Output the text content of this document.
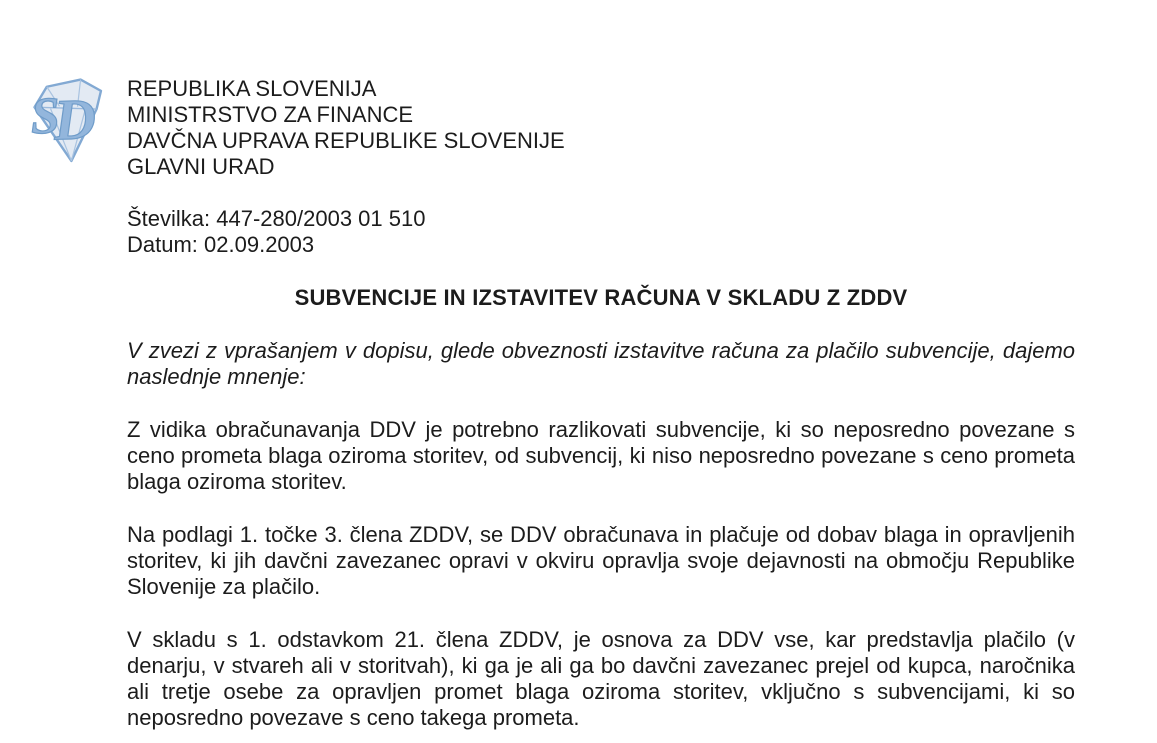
S
D REPUBLIKA SLOVENIJA
MINISTRSTVO ZA FINANCE
DAVČNA UPRAVA REPUBLIKE SLOVENIJE
GLAVNI URAD
Številka: 447-280/2003 01 510
Datum: 02.09.2003
SUBVENCIJE IN IZSTAVITEV RAČUNA V SKLADU Z ZDDV
V zvezi z vprašanjem v dopisu, glede obveznosti izstavitve računa za plačilo subvencije, dajemo naslednje mnenje:
Z vidika obračunavanja DDV je potrebno razlikovati subvencije, ki so neposredno povezane s ceno prometa blaga oziroma storitev, od subvencij, ki niso neposredno povezane s ceno prometa blaga oziroma storitev.
Na podlagi 1. točke 3. člena ZDDV, se DDV obračunava in plačuje od dobav blaga in opravljenih storitev, ki jih davčni zavezanec opravi v okviru opravlja svoje dejavnosti na območju Republike Slovenije za plačilo.
V skladu s 1. odstavkom 21. člena ZDDV, je osnova za DDV vse, kar predstavlja plačilo (v denarju, v stvareh ali v storitvah), ki ga je ali ga bo davčni zavezanec prejel od kupca, naročnika ali tretje osebe za opravljen promet blaga oziroma storitev, vključno s subvencijami, ki so neposredno povezave s ceno takega prometa.
